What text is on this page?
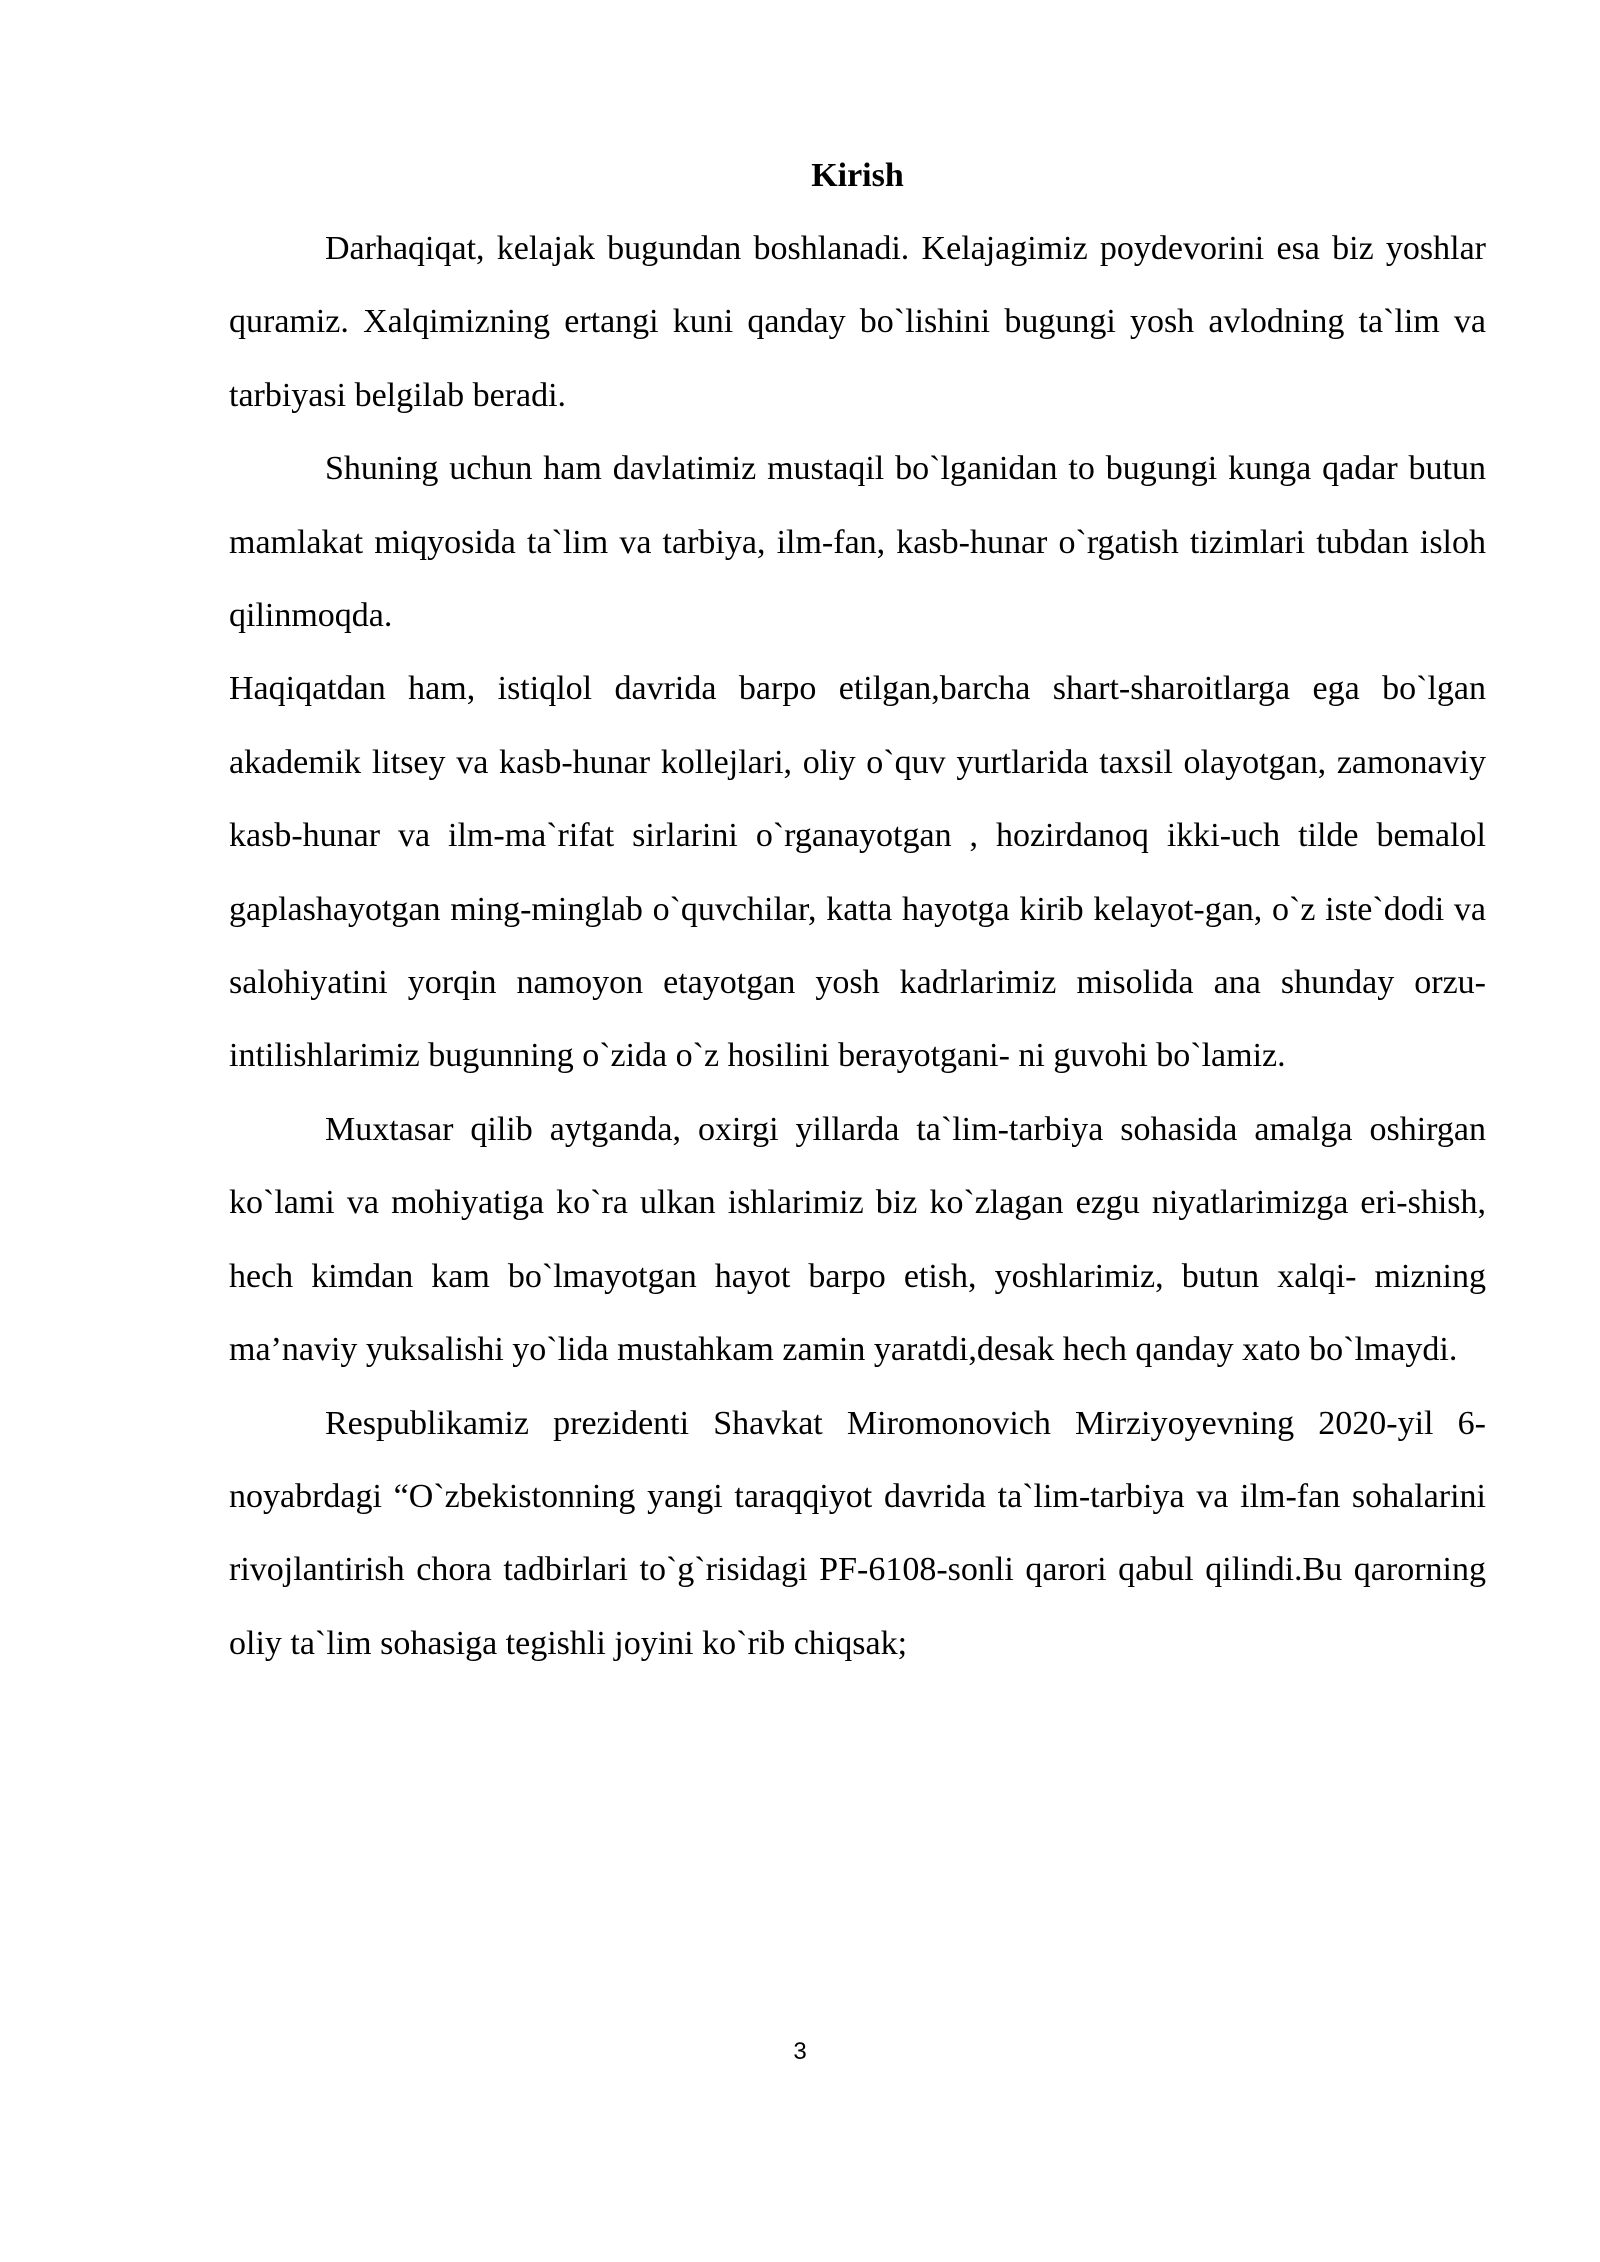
Kirish

Darhaqiqat, kelajak bugundan boshlanadi. Kelajagimiz poydevorini esa biz yoshlar quramiz. Xalqimizning ertangi kuni qanday bo`lishini bugungi yosh avlodning ta`lim va tarbiyasi belgilab beradi.

Shuning uchun ham davlatimiz mustaqil bo`lganidan to bugungi kunga qadar butun mamlakat miqyosida ta`lim va tarbiya, ilm-fan, kasb-hunar o`rgatish tizimlari tubdan isloh qilinmoqda.

Haqiqatdan ham, istiqlol davrida barpo etilgan,barcha shart-sharoitlarga ega bo`lgan akademik litsey va kasb-hunar kollejlari, oliy o`quv yurtlarida taxsil olayotgan, zamonaviy kasb-hunar va ilm-ma`rifat sirlarini o`rganayotgan , hozirdanoq ikki-uch tilde bemalol gaplashayotgan ming-minglab o`quvchilar, katta hayotga kirib kelayot-gan, o`z iste`dodi va salohiyatini yorqin namoyon etayotgan yosh kadrlarimiz misolida ana shunday orzu-intilishlarimiz bugunning o`zida o`z hosilini berayotgani- ni guvohi bo`lamiz.

Muxtasar qilib aytganda, oxirgi yillarda ta`lim-tarbiya sohasida amalga oshirgan ko`lami va mohiyatiga ko`ra ulkan ishlarimiz biz ko`zlagan ezgu niyatlarimizga eri-shish, hech kimdan kam bo`lmayotgan hayot barpo etish, yoshlarimiz, butun xalqi- mizning ma’naviy yuksalishi yo`lida mustahkam zamin yaratdi,desak hech qanday xato bo`lmaydi.

Respublikamiz prezidenti Shavkat Miromonovich Mirziyoyevning 2020-yil 6-noyabrdagi “O`zbekistonning yangi taraqqiyot davrida ta`lim-tarbiya va ilm-fan sohalarini rivojlantirish chora tadbirlari to`g`risidagi PF-6108-sonli qarori qabul qilindi.Bu qarorning oliy ta`lim sohasiga tegishli joyini ko`rib chiqsak;

3
